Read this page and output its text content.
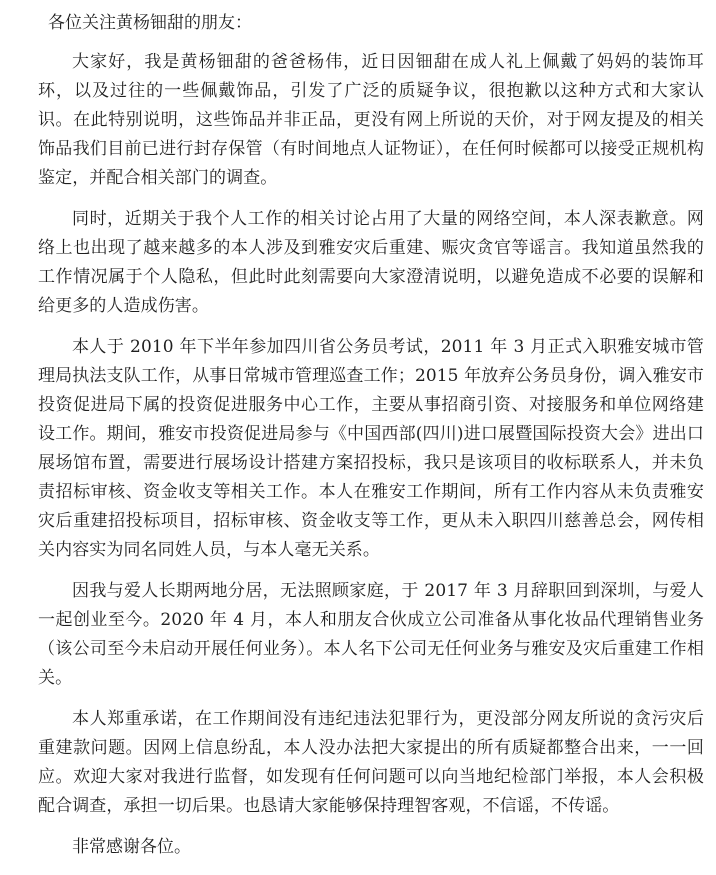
各位关注黄杨钿甜的朋友：

大家好，我是黄杨钿甜的爸爸杨伟，近日因钿甜在成人礼上佩戴了妈妈的装饰耳环，以及过往的一些佩戴饰品，引发了广泛的质疑争议，很抱歉以这种方式和大家认识。在此特别说明，这些饰品并非正品，更没有网上所说的天价，对于网友提及的相关饰品我们目前已进行封存保管（有时间地点人证物证），在任何时候都可以接受正规机构鉴定，并配合相关部门的调查。

同时，近期关于我个人工作的相关讨论占用了大量的网络空间，本人深表歉意。网络上也出现了越来越多的本人涉及到雅安灾后重建、赈灾贪官等谣言。我知道虽然我的工作情况属于个人隐私，但此时此刻需要向大家澄清说明，以避免造成不必要的误解和给更多的人造成伤害。

本人于 2010 年下半年参加四川省公务员考试，2011 年 3 月正式入职雅安城市管理局执法支队工作，从事日常城市管理巡查工作；2015 年放弃公务员身份，调入雅安市投资促进局下属的投资促进服务中心工作，主要从事招商引资、对接服务和单位网络建设工作。期间，雅安市投资促进局参与《中国西部(四川)进口展暨国际投资大会》进出口展场馆布置，需要进行展场设计搭建方案招投标，我只是该项目的收标联系人，并未负责招标审核、资金收支等相关工作。本人在雅安工作期间，所有工作内容从未负责雅安灾后重建招投标项目，招标审核、资金收支等工作，更从未入职四川慈善总会，网传相关内容实为同名同姓人员，与本人毫无关系。

因我与爱人长期两地分居，无法照顾家庭，于 2017 年 3 月辞职回到深圳，与爱人一起创业至今。2020 年 4 月，本人和朋友合伙成立公司准备从事化妆品代理销售业务（该公司至今未启动开展任何业务）。本人名下公司无任何业务与雅安及灾后重建工作相关。

本人郑重承诺，在工作期间没有违纪违法犯罪行为，更没部分网友所说的贪污灾后重建款问题。因网上信息纷乱，本人没办法把大家提出的所有质疑都整合出来，一一回应。欢迎大家对我进行监督，如发现有任何问题可以向当地纪检部门举报，本人会积极配合调查，承担一切后果。也恳请大家能够保持理智客观，不信谣，不传谣。

非常感谢各位。
